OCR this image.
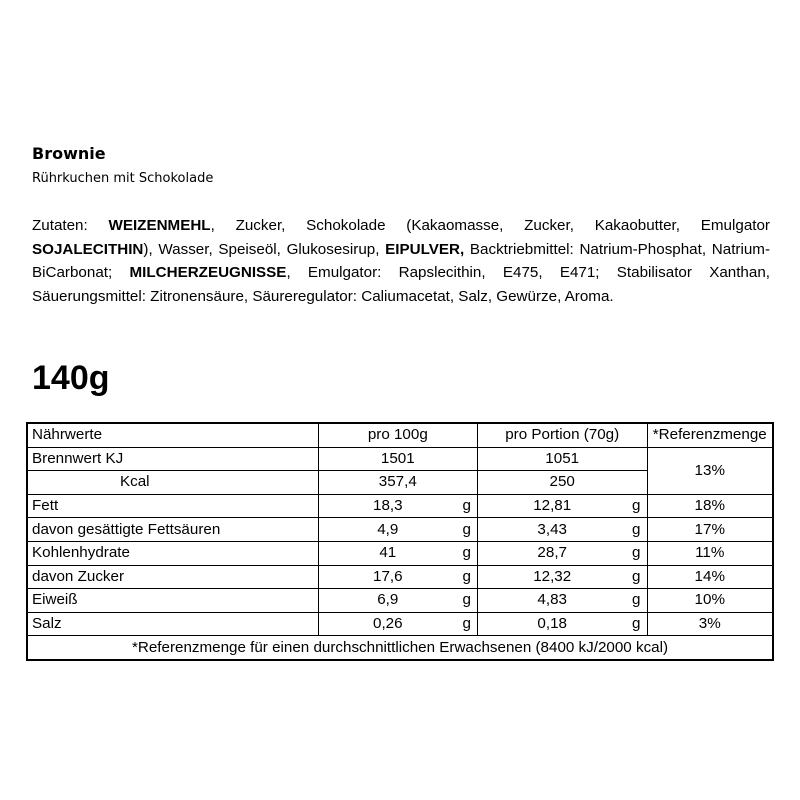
Brownie
Rührkuchen mit Schokolade
Zutaten: WEIZENMEHL, Zucker, Schokolade (Kakaomasse, Zucker, Kakaobutter, Emulgator SOJALECITHIN), Wasser, Speiseöl, Glukosesirup, EIPULVER, Backtriebmittel: Natrium-Phosphat, Natrium-BiCarbonat; MILCHERZEUGNISSE, Emulgator: Rapslecithin, E475, E471; Stabilisator Xanthan, Säuerungsmittel: Zitronensäure, Säureregulator: Caliumacetat, Salz, Gewürze, Aroma.
140g
Nährwerte	pro 100g	pro Portion (70g)	*Referenzmenge
Brennwert KJ	1501	1051	13%
Kcal	357,4	250	
Fett	18,3 g	12,81 g	18%
davon gesättigte Fettsäuren	4,9 g	3,43 g	17%
Kohlenhydrate	41 g	28,7 g	11%
davon Zucker	17,6 g	12,32 g	14%
Eiweiß	6,9 g	4,83 g	10%
Salz	0,26 g	0,18 g	3%
*Referenzmenge für einen durchschnittlichen Erwachsenen (8400 kJ/2000 kcal)			
